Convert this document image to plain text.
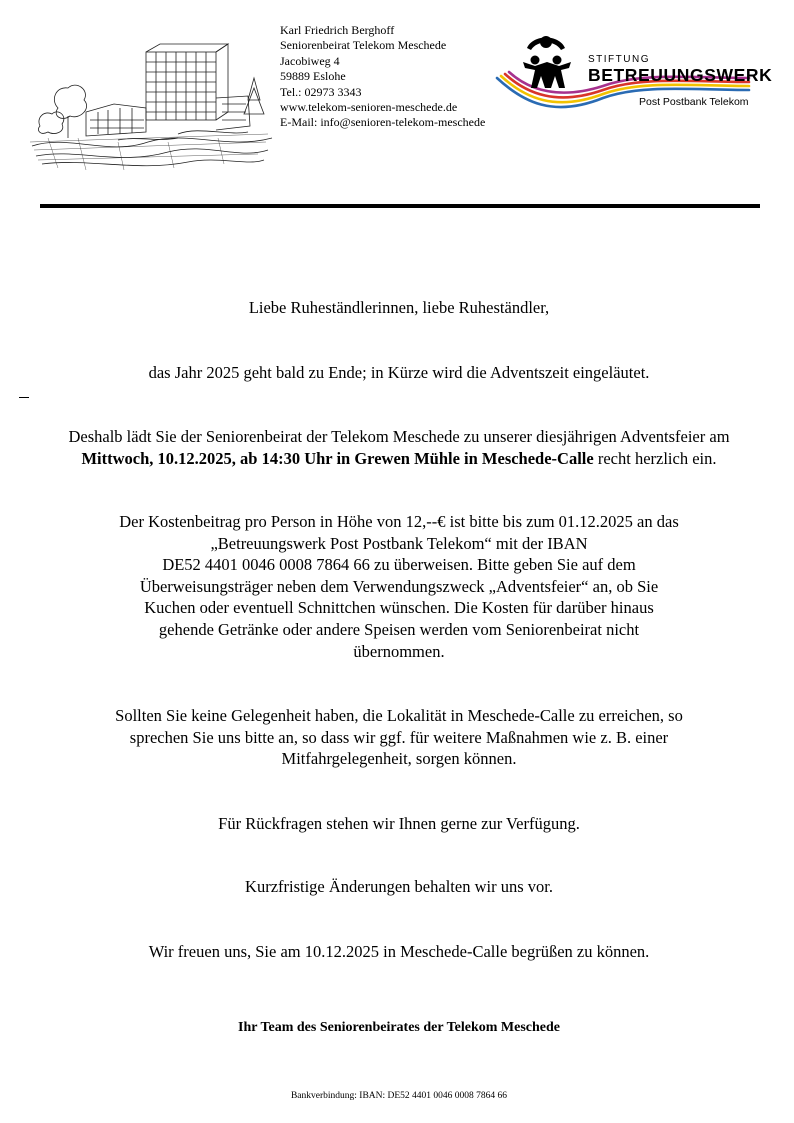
Karl Friedrich Berghoff
Seniorenbeirat Telekom Meschede
Jacobiweg 4
59889 Eslohe
Tel.: 02973 3343
www.telekom-senioren-meschede.de
E-Mail: info@senioren-telekom-meschede
STIFTUNG
BETREUUNGSWERK
Post Postbank Telekom
Liebe Ruheständlerinnen, liebe Ruheständler,
das Jahr 2025 geht bald zu Ende; in Kürze wird die Adventszeit eingeläutet.
Deshalb lädt Sie der Seniorenbeirat der Telekom Meschede zu unserer diesjährigen Adventsfeier am Mittwoch, 10.12.2025, ab 14:30 Uhr in Grewen Mühle in Meschede-Calle recht herzlich ein.
Der Kostenbeitrag pro Person in Höhe von 12,--€ ist bitte bis zum 01.12.2025 an das
„Betreuungswerk Post Postbank Telekom“ mit der IBAN
DE52 4401 0046 0008 7864 66 zu überweisen. Bitte geben Sie auf dem
Überweisungsträger neben dem Verwendungszweck „Adventsfeier“ an, ob Sie
Kuchen oder eventuell Schnittchen wünschen. Die Kosten für darüber hinaus
gehende Getränke oder andere Speisen werden vom Seniorenbeirat nicht
übernommen.
Sollten Sie keine Gelegenheit haben, die Lokalität in Meschede-Calle zu erreichen, so
sprechen Sie uns bitte an, so dass wir ggf. für weitere Maßnahmen wie z. B. einer
Mitfahrgelegenheit, sorgen können.
Für Rückfragen stehen wir Ihnen gerne zur Verfügung.
Kurzfristige Änderungen behalten wir uns vor.
Wir freuen uns, Sie am 10.12.2025 in Meschede-Calle begrüßen zu können.
Ihr Team des Seniorenbeirates der Telekom Meschede
Bankverbindung: IBAN: DE52 4401 0046 0008 7864 66
